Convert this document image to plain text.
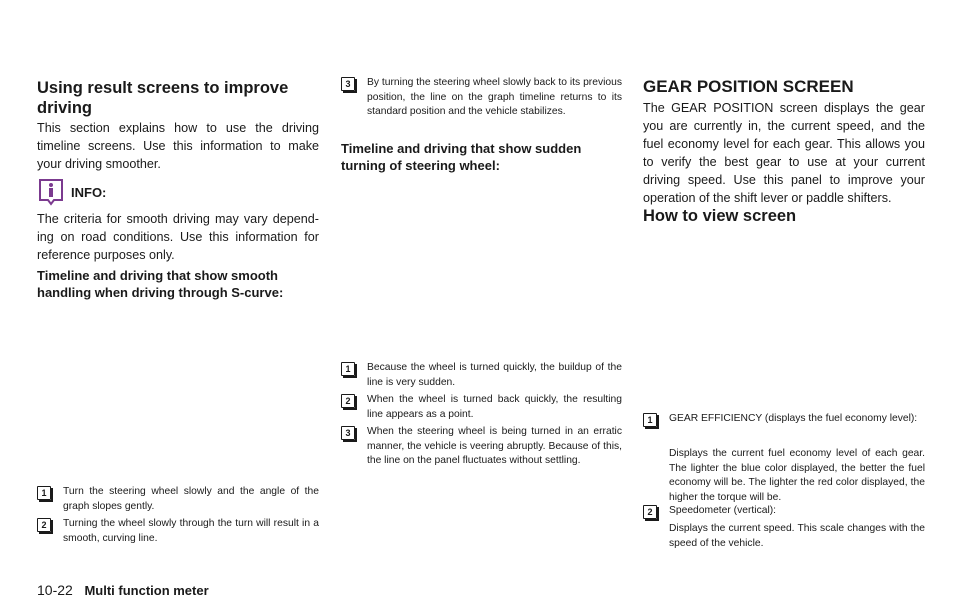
Using result screens to improve driving

This section explains how to use the driving timeline screens. Use this information to make your driving smoother.

INFO:

The criteria for smooth driving may vary depend-ing on road conditions. Use this information for reference purposes only.

Timeline and driving that show smooth handling when driving through S-curve:
1	Turn the steering wheel slowly and the angle of the graph slopes gently.
2	Turning the wheel slowly through the turn will result in a smooth, curving line.
3	By turning the steering wheel slowly back to its previous position, the line on the graph timeline returns to its standard position and the vehicle stabilizes.
Timeline and driving that show sudden turning of steering wheel:
1	Because the wheel is turned quickly, the buildup of the line is very sudden.
2	When the wheel is turned back quickly, the resulting line appears as a point.
3	When the steering wheel is being turned in an erratic manner, the vehicle is veering abruptly. Because of this, the line on the panel fluctuates without settling.
GEAR POSITION SCREEN

The GEAR POSITION screen displays the gear you are currently in, the current speed, and the fuel economy level for each gear. This allows you to verify the best gear to use at your current driving speed. Use this panel to improve your operation of the shift lever or paddle shifters.

How to view screen
1	GEAR EFFICIENCY (displays the fuel economy level):

Displays the current fuel economy level of each gear. The lighter the blue color displayed, the better the fuel economy will be. The lighter the red color displayed, the higher the torque will be.

2	Speedometer (vertical):

Displays the current speed. This scale changes with the speed of the vehicle.

10-22 Multi function meter
